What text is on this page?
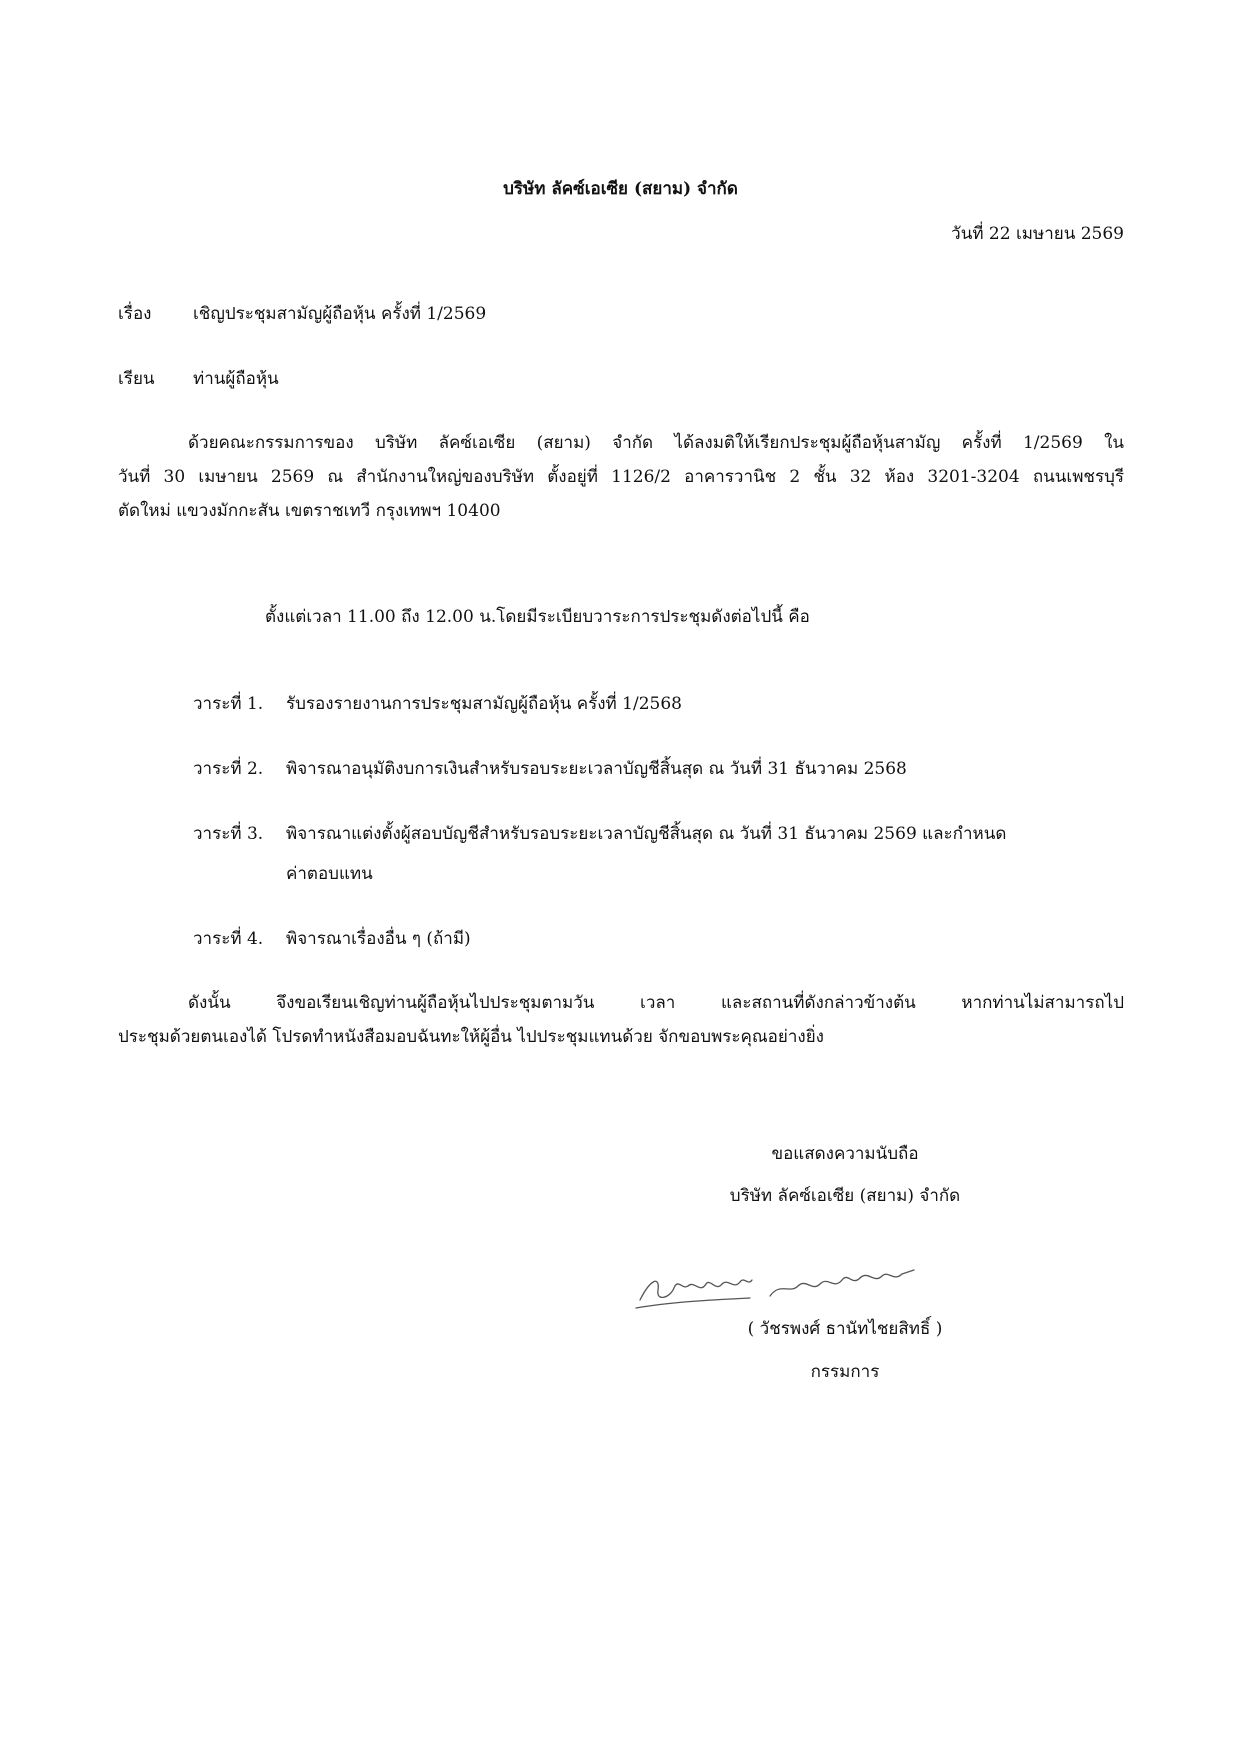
บริษัท ลัคซ์เอเซีย (สยาม) จำกัด
วันที่ 22 เมษายน 2569
เรื่อง เชิญประชุมสามัญผู้ถือหุ้น ครั้งที่ 1/2569
เรียน ท่านผู้ถือหุ้น
ด้วยคณะกรรมการของ บริษัท ลัคซ์เอเซีย (สยาม) จำกัด ได้ลงมติให้เรียกประชุมผู้ถือหุ้นสามัญ ครั้งที่ 1/2569 ใน
วันที่ 30 เมษายน 2569 ณ สำนักงานใหญ่ของบริษัท ตั้งอยู่ที่ 1126/2 อาคารวานิช 2 ชั้น 32 ห้อง 3201-3204 ถนนเพชรบุรี
ตัดใหม่ แขวงมักกะสัน เขตราชเทวี กรุงเทพฯ 10400
ตั้งแต่เวลา 11.00 ถึง 12.00 น.โดยมีระเบียบวาระการประชุมดังต่อไปนี้ คือ
วาระที่ 1. รับรองรายงานการประชุมสามัญผู้ถือหุ้น ครั้งที่ 1/2568
วาระที่ 2. พิจารณาอนุมัติงบการเงินสำหรับรอบระยะเวลาบัญชีสิ้นสุด ณ วันที่ 31 ธันวาคม 2568
วาระที่ 3. พิจารณาแต่งตั้งผู้สอบบัญชีสำหรับรอบระยะเวลาบัญชีสิ้นสุด ณ วันที่ 31 ธันวาคม 2569 และกำหนด
ค่าตอบแทน
วาระที่ 4. พิจารณาเรื่องอื่น ๆ (ถ้ามี)
ดังนั้น จึงขอเรียนเชิญท่านผู้ถือหุ้นไปประชุมตามวัน เวลา และสถานที่ดังกล่าวข้างต้น หากท่านไม่สามารถไป
ประชุมด้วยตนเองได้ โปรดทำหนังสือมอบฉันทะให้ผู้อื่น ไปประชุมแทนด้วย จักขอบพระคุณอย่างยิ่ง
ขอแสดงความนับถือ
บริษัท ลัคซ์เอเซีย (สยาม) จำกัด
( วัชรพงศ์ ธานัทไชยสิทธิ์ )
กรรมการ
